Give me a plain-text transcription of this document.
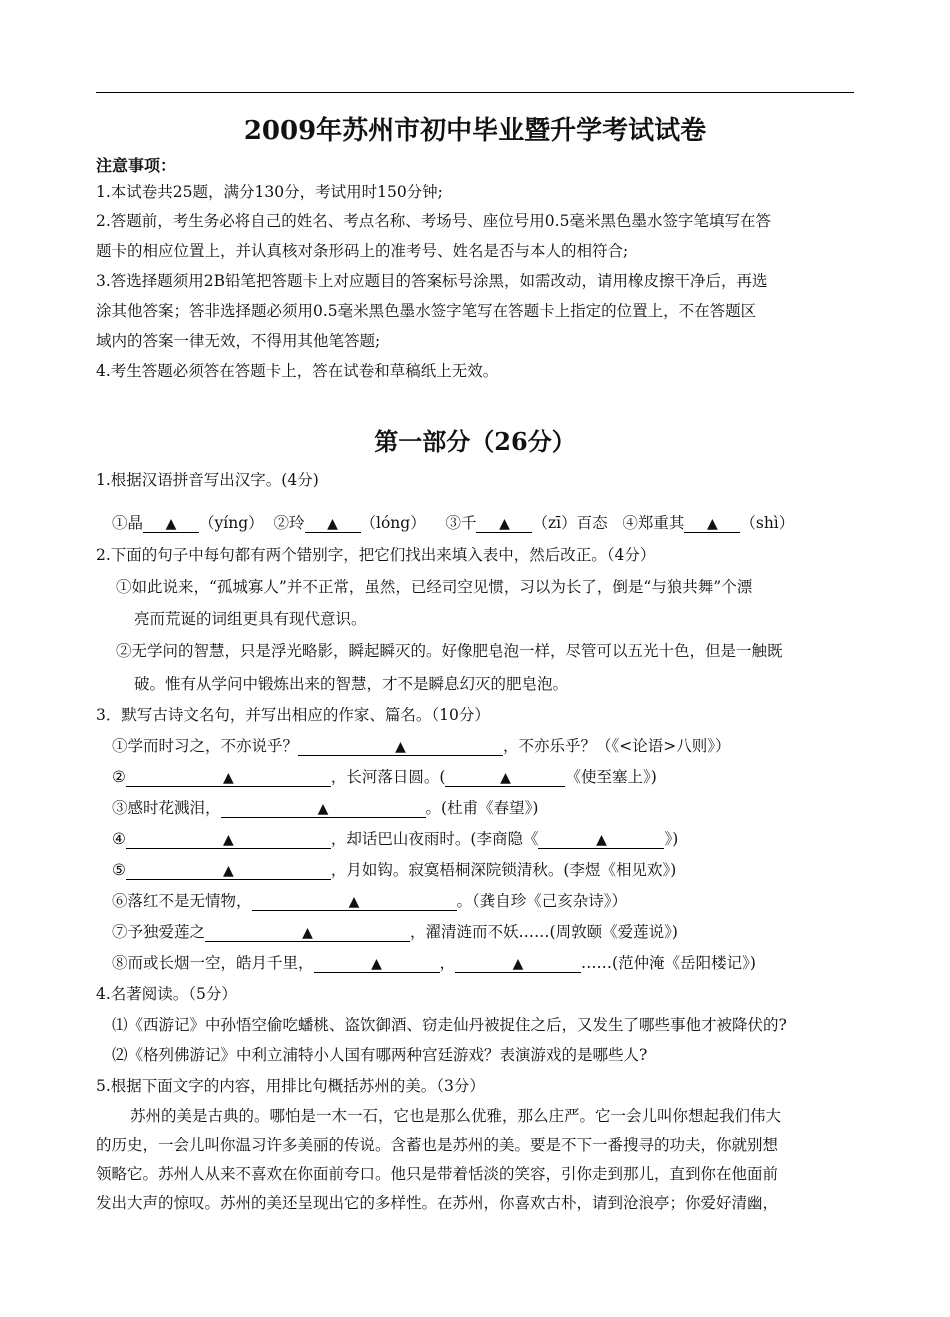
2009年苏州市初中毕业暨升学考试试卷
注意事项：
1.本试卷共25题，满分130分，考试用时150分钟;
2.答题前，考生务必将自己的姓名、考点名称、考场号、座位号用0.5毫米黑色墨水签字笔填写在答
题卡的相应位置上，并认真核对条形码上的准考号、姓名是否与本人的相符合;
3.答选择题须用2B铅笔把答题卡上对应题目的答案标号涂黑，如需改动，请用橡皮擦干净后，再选
涂其他答案；答非选择题必须用0.5毫米黑色墨水签字笔写在答题卡上指定的位置上，不在答题区
域内的答案一律无效，不得用其他笔答题;
4.考生答题必须答在答题卡上，答在试卷和草稿纸上无效。
第一部分（26分）
1.根据汉语拼音写出汉字。(4分)
①晶 ▲ （yíng） ②玲 ▲ （lóng） ③千 ▲ （zī）百态 ④郑重其 ▲ （shì）
2.下面的句子中每句都有两个错别字，把它们找出来填入表中，然后改正。（4分）
①如此说来，“孤城寡人”并不正常，虽然，已经司空见惯，习以为长了，倒是“与狼共舞”个漂
亮而荒诞的词组更具有现代意识。
②无学问的智慧，只是浮光略影，瞬起瞬灭的。好像肥皂泡一样，尽管可以五光十色，但是一触既
破。惟有从学问中锻炼出来的智慧，才不是瞬息幻灭的肥皂泡。
3．默写古诗文名句，并写出相应的作家、篇名。（10分）
①学而时习之，不亦说乎？	▲	，不亦乐乎？（《<论语>八则》）
②	▲	，长河落日圆。(	▲	《使至塞上》)
③感时花溅泪，	▲	。(杜甫《春望》)
④	▲	，却话巴山夜雨时。(李商隐《	▲	》)
⑤	▲	，月如钩。寂寞梧桐深院锁清秋。(李煜《相见欢》)
⑥落红不是无情物，	▲	。（龚自珍《己亥杂诗》）
⑦予独爱莲之	▲	，濯清涟而不妖……(周敦颐《爱莲说》)
⑧而或长烟一空，皓月千里，	▲	，	▲	……(范仲淹《岳阳楼记》)
4.名著阅读。（5分）
⑴《西游记》中孙悟空偷吃蟠桃、盗饮御酒、窃走仙丹被捉住之后，又发生了哪些事他才被降伏的?
⑵《格列佛游记》中利立浦特小人国有哪两种宫廷游戏？表演游戏的是哪些人?
5.根据下面文字的内容，用排比句概括苏州的美。（3分）
苏州的美是古典的。哪怕是一木一石，它也是那么优雅，那么庄严。它一会儿叫你想起我们伟大
的历史，一会儿叫你温习许多美丽的传说。含蓄也是苏州的美。要是不下一番搜寻的功夫，你就别想
领略它。苏州人从来不喜欢在你面前夸口。他只是带着恬淡的笑容，引你走到那儿，直到你在他面前
发出大声的惊叹。苏州的美还呈现出它的多样性。在苏州，你喜欢古朴，请到沧浪亭；你爱好清幽，
